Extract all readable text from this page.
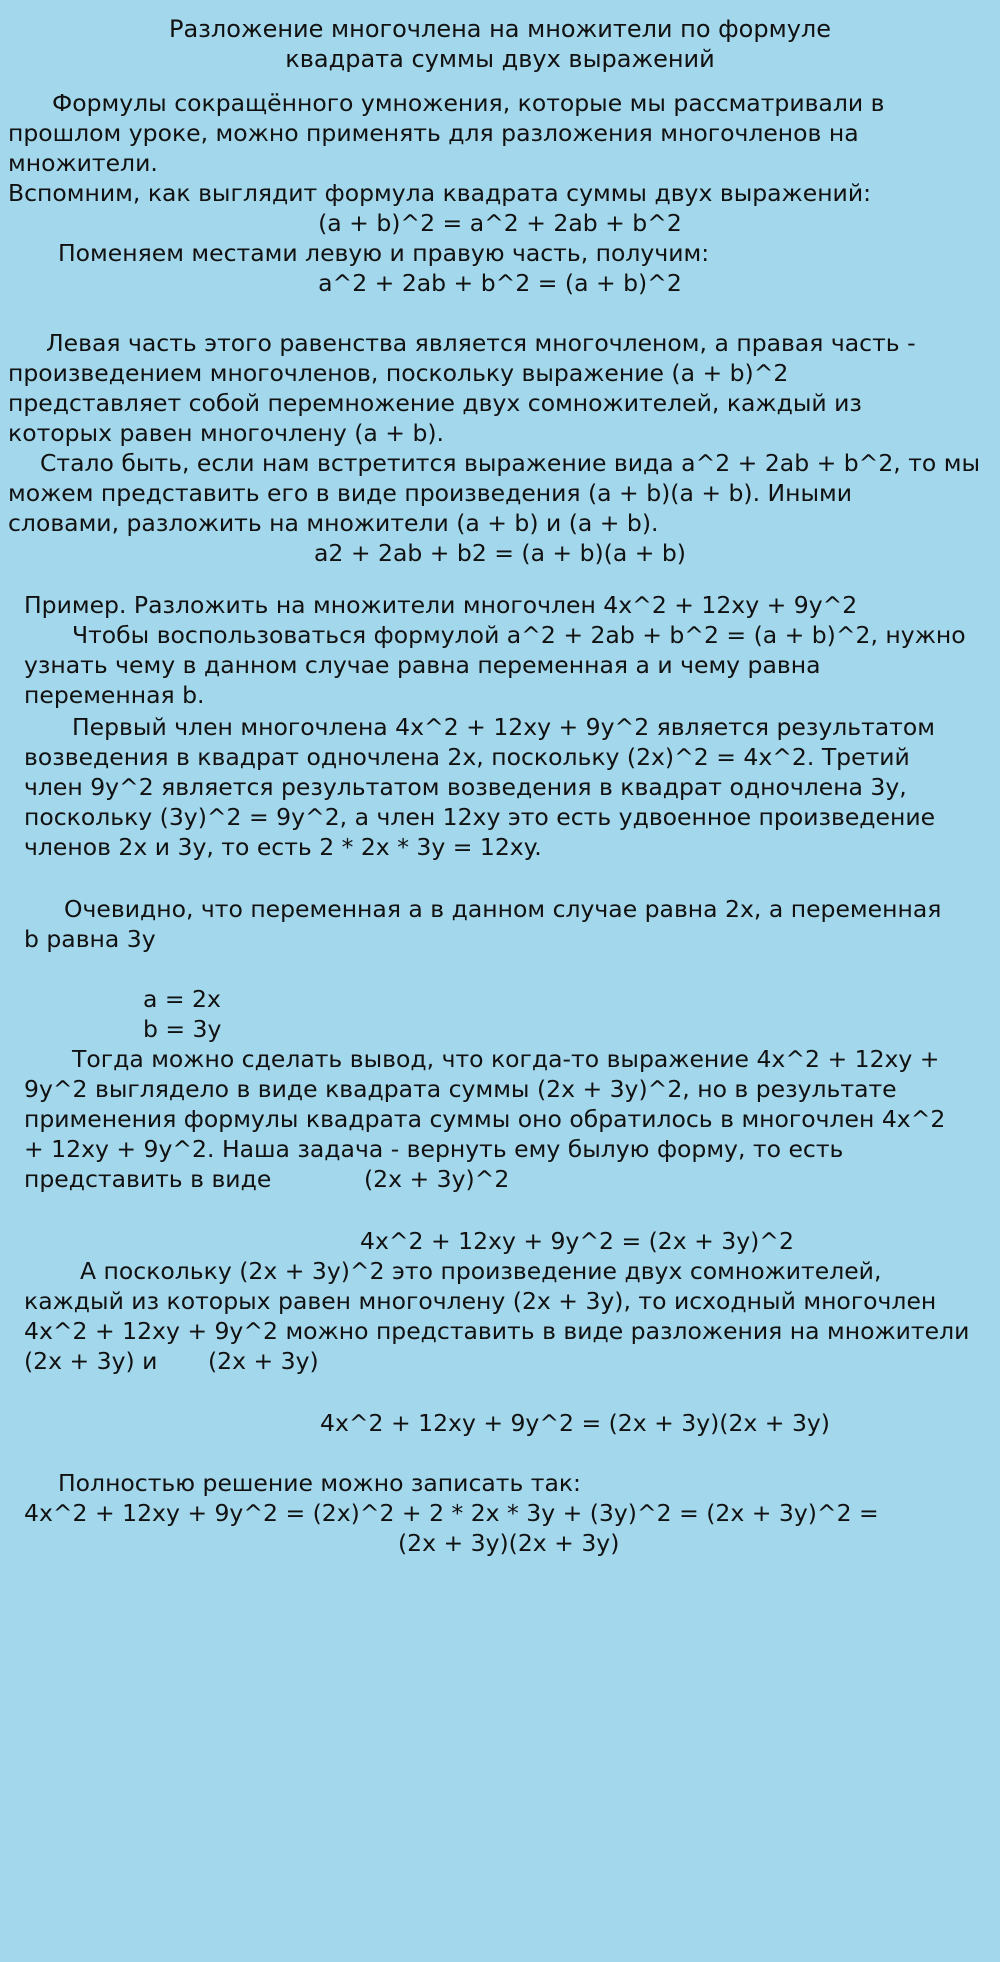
Разложение многочлена на множители по формуле
квадрата суммы двух выражений
Формулы сокращённого умножения, которые мы рассматривали в
прошлом уроке, можно применять для разложения многочленов на
множители.
Вспомним, как выглядит формула квадрата суммы двух выражений:
(a + b)^2 = a^2 + 2ab + b^2
Поменяем местами левую и правую часть, получим:
a^2 + 2ab + b^2 = (a + b)^2
Левая часть этого равенства является многочленом, а правая часть -
произведением многочленов, поскольку выражение (a + b)^2
представляет собой перемножение двух сомножителей, каждый из
которых равен многочлену (a + b).
Стало быть, если нам встретится выражение вида a^2 + 2ab + b^2, то мы
можем представить его в виде произведения (a + b)(a + b). Иными
словами, разложить на множители (a + b) и (a + b).
a2 + 2ab + b2 = (a + b)(a + b)
Пример. Разложить на множители многочлен 4x^2 + 12xy + 9y^2
Чтобы воспользоваться формулой a^2 + 2ab + b^2 = (a + b)^2, нужно
узнать чему в данном случае равна переменная a и чему равна
переменная b.
Первый член многочлена 4x^2 + 12xy + 9y^2 является результатом
возведения в квадрат одночлена 2x, поскольку (2x)^2 = 4x^2. Третий
член 9y^2 является результатом возведения в квадрат одночлена 3y,
поскольку (3y)^2 = 9y^2, а член 12xy это есть удвоенное произведение
членов 2x и 3y, то есть 2 * 2x * 3y = 12xy.
Очевидно, что переменная a в данном случае равна 2x, а переменная
b равна 3y
a = 2x
b = 3y
Тогда можно сделать вывод, что когда-то выражение 4x^2 + 12xy +
9y^2 выглядело в виде квадрата суммы (2x + 3y)^2, но в результате
применения формулы квадрата суммы оно обратилось в многочлен 4x^2
+ 12xy + 9y^2. Наша задача - вернуть ему былую форму, то есть
представить в виде	(2x + 3y)^2
4x^2 + 12xy + 9y^2 = (2x + 3y)^2
А поскольку (2x + 3y)^2 это произведение двух сомножителей,
каждый из которых равен многочлену (2x + 3y), то исходный многочлен
4x^2 + 12xy + 9y^2 можно представить в виде разложения на множители
(2x + 3y) и (2x + 3y)
4x^2 + 12xy + 9y^2 = (2x + 3y)(2x + 3y)
Полностью решение можно записать так:
4x^2 + 12xy + 9y^2 = (2x)^2 + 2 * 2x * 3y + (3y)^2 = (2x + 3y)^2 =
(2x + 3y)(2x + 3y)
